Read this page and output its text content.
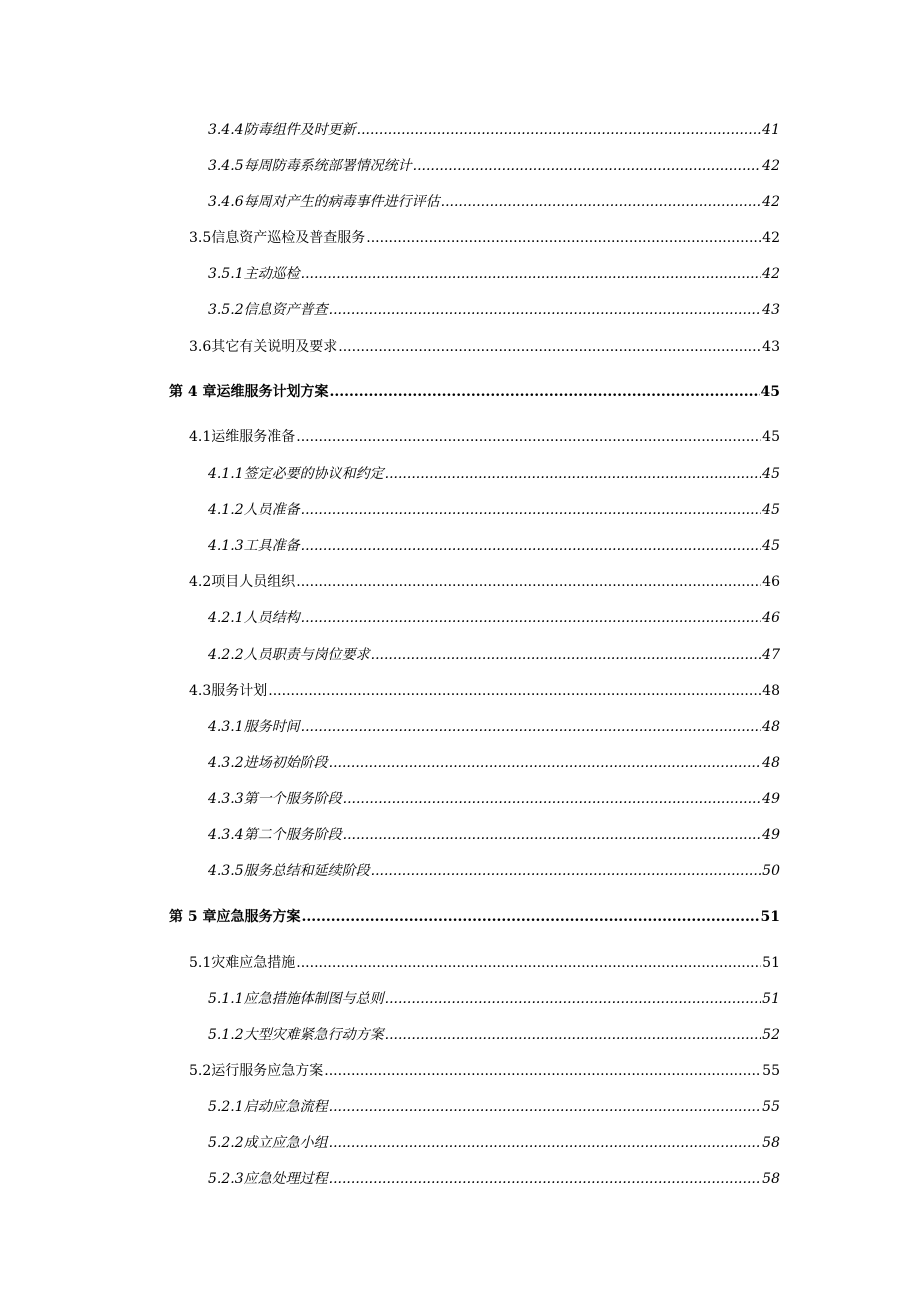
3.4.4 防毒组件及时更新 .....	41
3.4.5 每周防毒系统部署情况统计 .....	42
3.4.6 每周对产生的病毒事件进行评估 .....	42
3.5 信息资产巡检及普查服务 .....	42
3.5.1 主动巡检 .....	42
3.5.2 信息资产普查 .....	43
3.6 其它有关说明及要求 .....	43
第 4 章 运维服务计划方案 .....	45
4.1 运维服务准备 .....	45
4.1.1 签定必要的协议和约定 .....	45
4.1.2 人员准备 .....	45
4.1.3 工具准备 .....	45
4.2 项目人员组织 .....	46
4.2.1 人员结构 .....	46
4.2.2 人员职责与岗位要求 .....	47
4.3 服务计划 .....	48
4.3.1 服务时间 .....	48
4.3.2 进场初始阶段 .....	48
4.3.3 第一个服务阶段 .....	49
4.3.4 第二个服务阶段 .....	49
4.3.5 服务总结和延续阶段 .....	50
第 5 章 应急服务方案 .....	51
5.1 灾难应急措施 .....	51
5.1.1 应急措施体制图与总则 .....	51
5.1.2 大型灾难紧急行动方案 .....	52
5.2 运行服务应急方案 .....	55
5.2.1 启动应急流程 .....	55
5.2.2 成立应急小组 .....	58
5.2.3 应急处理过程 .....	58
